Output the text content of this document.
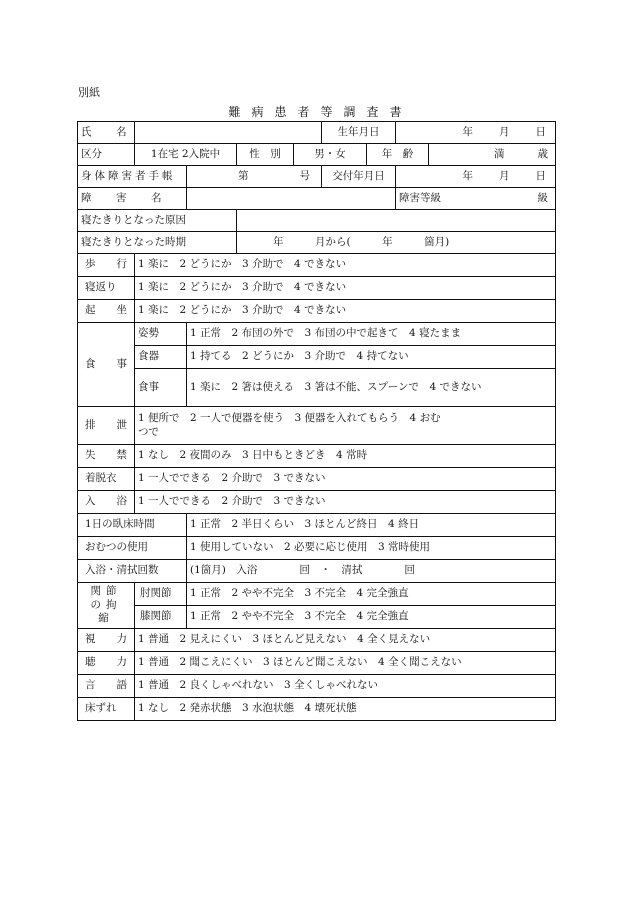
別紙
難病患者等調査書
氏　名					生年月日		年 月 日	

区分	1在宅 2入院中		性　別	男・女		年　齢		満 歳

身体障害者手帳		第 号			交付年月日		年 月 日	

障　害　名							障害等級 級	

寝たきりとなった原因								
寝たきりとなった時期			年　　　月から(　　　年　　　箇月)					

歩　　行	1 楽に　2 どうにか　3 介助で　4 できない							

寝返り	1 楽に　2 どうにか　3 介助で　4 できない							

起　　坐	1 楽に　2 どうにか　3 介助で　4 できない							

食　　事	姿勢	1 正常　2 布団の外で　3 布団の中で起きて　4 寝たまま						
	食器	1 持てる　2 どうにか　3 介助で　4 持てない						
	食事	1 楽に　2 箸は使える　3 箸は不能、スプーンで　4 できない						

排　　泄	1 便所で　2 一人で便器を使う　3 便器を入れてもらう　4 おむつで							

失　　禁	1 なし　2 夜間のみ　3 日中もときどき　4 常時							

着脱衣	1 一人でできる　2 介助で　3 できない							

入　　浴	1 一人でできる　2 介助で　3 できない							

1日の臥床時間		1 正常　2 半日くらい　3 ほとんど終日　4 終日						

おむつの使用		1 使用していない　2 必要に応じ使用　3 常時使用						

入浴・清拭回数		(1箇月)　入浴　　　　回　・　清拭　　　　回						
関節の拘縮	肘関節	1 正常　2 やや不完全　3 不完全　4 完全強直						

膝関節	1 正常　2 やや不完全　3 不完全　4 完全強直						

視　　力	1 普通　2 見えにくい　3 ほとんど見えない　4 全く見えない							

聴　　力	1 普通　2 聞こえにくい　3 ほとんど聞こえない　4 全く聞こえない							

言　　語	1 普通　2 良くしゃべれない　3 全くしゃべれない							

床ずれ	1 なし　2 発赤状態　3 水泡状態　4 壊死状態							
